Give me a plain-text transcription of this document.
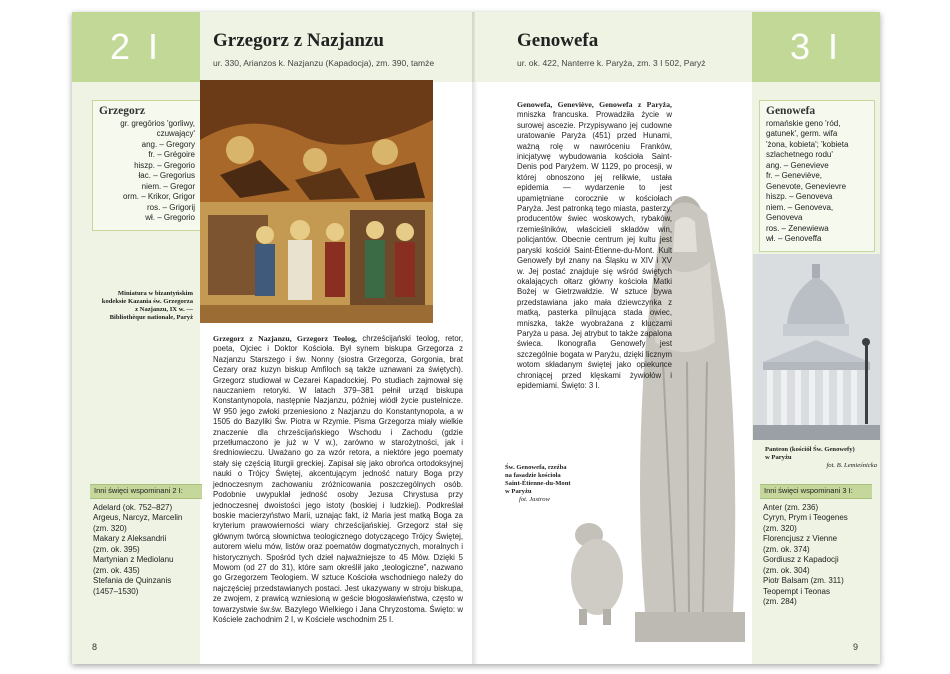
2 I	Grzegorz z Nazjanzu
ur. 330, Arianzos k. Nazjanzu (Kapadocja), zm. 390, tamże
Grzegorz
gr. gregōrios 'gorliwy,
czuwający'
ang. – Gregory
fr. – Grégoire
hiszp. – Gregorio
łac. – Gregorius
niem. – Gregor
orm. – Krikor, Grigor
ros. – Grigorij
wł. – Gregorio
Miniatura w bizantyńskim
kodeksie Kazania św. Grzegorza
z Nazjanzu, IX w. —
Bibliothèque nationale, Paryż
Inni święci wspominani 2 I:
Adelard (ok. 752–827)
Argeus, Narcyz, Marcelin
(zm. 320)
Makary z Aleksandrii
(zm. ok. 395)
Martynian z Mediolanu
(zm. ok. 435)
Stefania de Quinzanis
(1457–1530)
Grzegorz z Nazjanzu, Grzegorz Teolog, chrześcijański teolog, retor, poeta, Ojciec i Doktor Kościoła. Był synem biskupa Grzegorza z Nazjanzu Starszego i św. Nonny (siostra Grzegorza, Gorgonia, brat Cezary oraz kuzyn biskup Amfiloch są także uznawani za świętych). Grzegorz studiował w Cezarei Kapadockiej. Po studiach zajmował się nauczaniem retoryki. W latach 379–381 pełnił urząd biskupa Konstantynopola, następnie Nazjanzu, później wiódł życie pustelnicze. W 950 jego zwłoki przeniesiono z Nazjanzu do Konstantynopola, a w 1505 do Bazyliki Św. Piotra w Rzymie. Pisma Grzegorza miały wielkie znaczenie dla chrześcijańskiego Wschodu i Zachodu (gdzie przetłumaczono je już w V w.), zarówno w starożytności, jak i średniowieczu. Uważano go za wzór retora, a niektóre jego poematy stały się częścią liturgii greckiej. Zapisał się jako obrońca ortodoksyjnej nauki o Trójcy Świętej, akcentującym jedność natury Boga przy jednoczesnym zachowaniu zróżnicowania poszczególnych osób. Podobnie uwypuklał jedność osoby Jezusa Chrystusa przy jednoczesnej dwoistości jego istoty (boskiej i ludzkiej). Podkreślał boskie macierzyństwo Marii, uznając fakt, iż Maria jest matką Boga za kryterium prawowierności wiary chrześcijańskiej. Grzegorz stał się głównym twórcą słownictwa teologicznego dotyczącego Trójcy Świętej, autorem wielu mów, listów oraz poematów dogmatycznych, moralnych i historycznych. Spośród tych dzieł najważniejsze to 45 Mów. Dzięki 5 Mowom (od 27 do 31), które sam określił jako „teologiczne", nazwano go Grzegorzem Teologiem. W sztuce Kościoła wschodniego należy do najczęściej przedstawianych postaci. Jest ukazywany w stroju biskupa, ze zwojem, z prawicą wzniesioną w geście błogosławieństwa, często w towarzystwie św.św. Bazylego Wielkiego i Jana Chryzostoma. Święto: w Kościele zachodnim 2 I, w Kościele wschodnim 25 I.
8
3 I
Genowefa
ur. ok. 422, Nanterre k. Paryża, zm. 3 I 502, Paryż
Genowefa
romańskie geno 'ród,
gatunek', germ. wifa
'żona, kobieta'; 'kobieta
szlachetnego rodu'
ang. – Genevieve
fr. – Geneviève,
Genevote, Genevievre
hiszp. – Genoveva
niem. – Genoveva,
Genoveva
ros. – Zenewiewa
wł. – Genoveffa
Panteon (kościół Św. Genowefy)
w Paryżu
fot. B. Lemieśnicka
Inni święci wspominani 3 I:
Anter (zm. 236)
Cyryn, Prym i Teogenes
(zm. 320)
Florencjusz z Vienne
(zm. ok. 374)
Gordiusz z Kapadocji
(zm. ok. 304)
Piotr Balsam (zm. 311)
Teopempt i Teonas
(zm. 284)
Św. Genowefa, rzeźba
na fasadzie kościoła
Saint-Étienne-du-Mont
w Paryżu
fot. Jastrow
Genowefa, Geneviève, Genowefa z Paryża, mniszka francuska. Prowadziła życie w surowej ascezie. Przypisywano jej cudowne uratowanie Paryża (451) przed Hunami, ważną rolę w nawróceniu Franków, inicjatywę wybudowania kościoła Saint-Denis pod Paryżem. W 1129, po procesji, w której obnoszono jej relikwie, ustała epidemia — wydarzenie to jest upamiętniane corocznie w kościołach Paryża. Jest patronką tego miasta, pasterzy, producentów świec woskowych, rybaków, rzemieślników, właścicieli składów win, policjantów. Obecnie centrum jej kultu jest paryski kościół Saint-Étienne-du-Mont. Kult Genowefy był znany na Śląsku w XIV i XV w. Jej postać znajduje się wśród świętych okalających ołtarz główny kościoła Matki Bożej w Gietrzwałdzie. W sztuce bywa przedstawiana jako mała dziewczynka z matką, pasterka pilnująca stada owiec, mniszka, także wyobrażana z kluczami Paryża u pasa. Jej atrybut to także zapalona świeca. Ikonografia Genowefy jest szczególnie bogata w Paryżu, dzięki licznym wotom składanym świętej jako opiekunce chroniącej przed klęskami żywiołów i epidemiami. Święto: 3 I.
9
